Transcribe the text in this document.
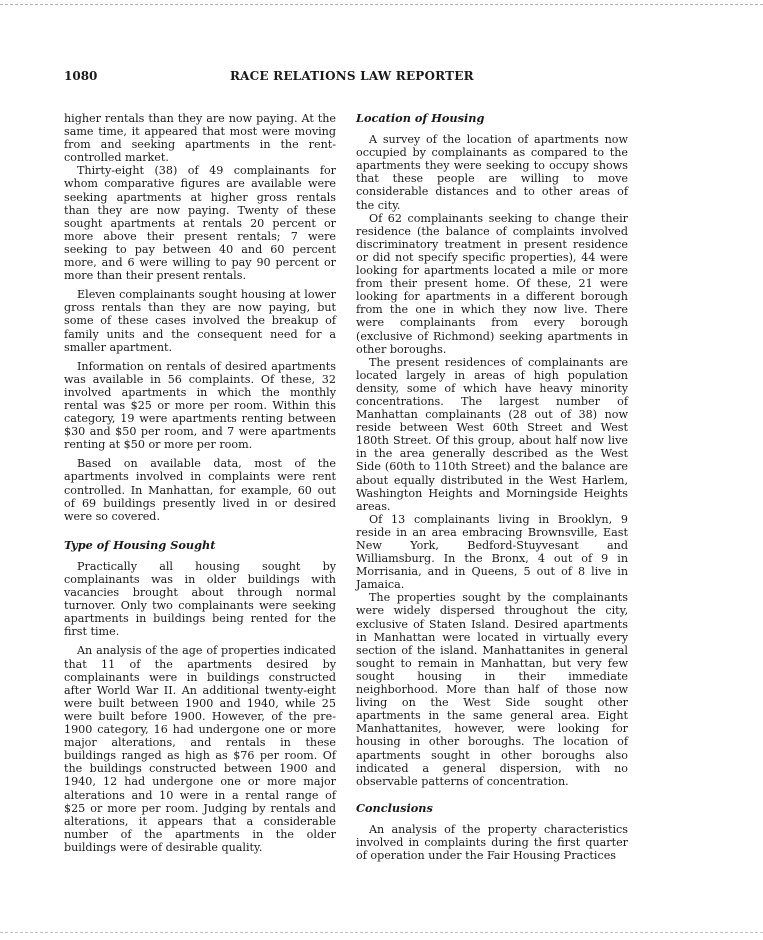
1080	RACE RELATIONS LAW REPORTER

higher rentals than they are now paying. At the same time, it appeared that most were moving from and seeking apartments in the rent-controlled market.

Thirty-eight (38) of 49 complainants for whom comparative figures are available were seeking apartments at higher gross rentals than they are now paying. Twenty of these sought apartments at rentals 20 percent or more above their present rentals; 7 were seeking to pay between 40 and 60 percent more, and 6 were willing to pay 90 percent or more than their present rentals.

Eleven complainants sought housing at lower gross rentals than they are now paying, but some of these cases involved the breakup of family units and the consequent need for a smaller apartment.

Information on rentals of desired apartments was available in 56 complaints. Of these, 32 involved apartments in which the monthly rental was $25 or more per room. Within this category, 19 were apartments renting between $30 and $50 per room, and 7 were apartments renting at $50 or more per room.

Based on available data, most of the apartments involved in complaints were rent controlled. In Manhattan, for example, 60 out of 69 buildings presently lived in or desired were so covered.

Type of Housing Sought

Practically all housing sought by complainants was in older buildings with vacancies brought about through normal turnover. Only two complainants were seeking apartments in buildings being rented for the first time.

An analysis of the age of properties indicated that 11 of the apartments desired by complainants were in buildings constructed after World War II. An additional twenty-eight were built between 1900 and 1940, while 25 were built before 1900. However, of the pre-1900 category, 16 had undergone one or more major alterations, and rentals in these buildings ranged as high as $76 per room. Of the buildings constructed between 1900 and 1940, 12 had undergone one or more major alterations and 10 were in a rental range of $25 or more per room. Judging by rentals and alterations, it appears that a considerable number of the apartments in the older buildings were of desirable quality.

Location of Housing

A survey of the location of apartments now occupied by complainants as compared to the apartments they were seeking to occupy shows that these people are willing to move considerable distances and to other areas of the city.

Of 62 complainants seeking to change their residence (the balance of complaints involved discriminatory treatment in present residence or did not specify specific properties), 44 were looking for apartments located a mile or more from their present home. Of these, 21 were looking for apartments in a different borough from the one in which they now live. There were complainants from every borough (exclusive of Richmond) seeking apartments in other boroughs.

The present residences of complainants are located largely in areas of high population density, some of which have heavy minority concentrations. The largest number of Manhattan complainants (28 out of 38) now reside between West 60th Street and West 180th Street. Of this group, about half now live in the area generally described as the West Side (60th to 110th Street) and the balance are about equally distributed in the West Harlem, Washington Heights and Morningside Heights areas.

Of 13 complainants living in Brooklyn, 9 reside in an area embracing Brownsville, East New York, Bedford-Stuyvesant and Williamsburg. In the Bronx, 4 out of 9 in Morrisania, and in Queens, 5 out of 8 live in Jamaica.

The properties sought by the complainants were widely dispersed throughout the city, exclusive of Staten Island. Desired apartments in Manhattan were located in virtually every section of the island. Manhattanites in general sought to remain in Manhattan, but very few sought housing in their immediate neighborhood. More than half of those now living on the West Side sought other apartments in the same general area. Eight Manhattanites, however, were looking for housing in other boroughs. The location of apartments sought in other boroughs also indicated a general dispersion, with no observable patterns of concentration.

Conclusions

An analysis of the property characteristics involved in complaints during the first quarter of operation under the Fair Housing Practices
